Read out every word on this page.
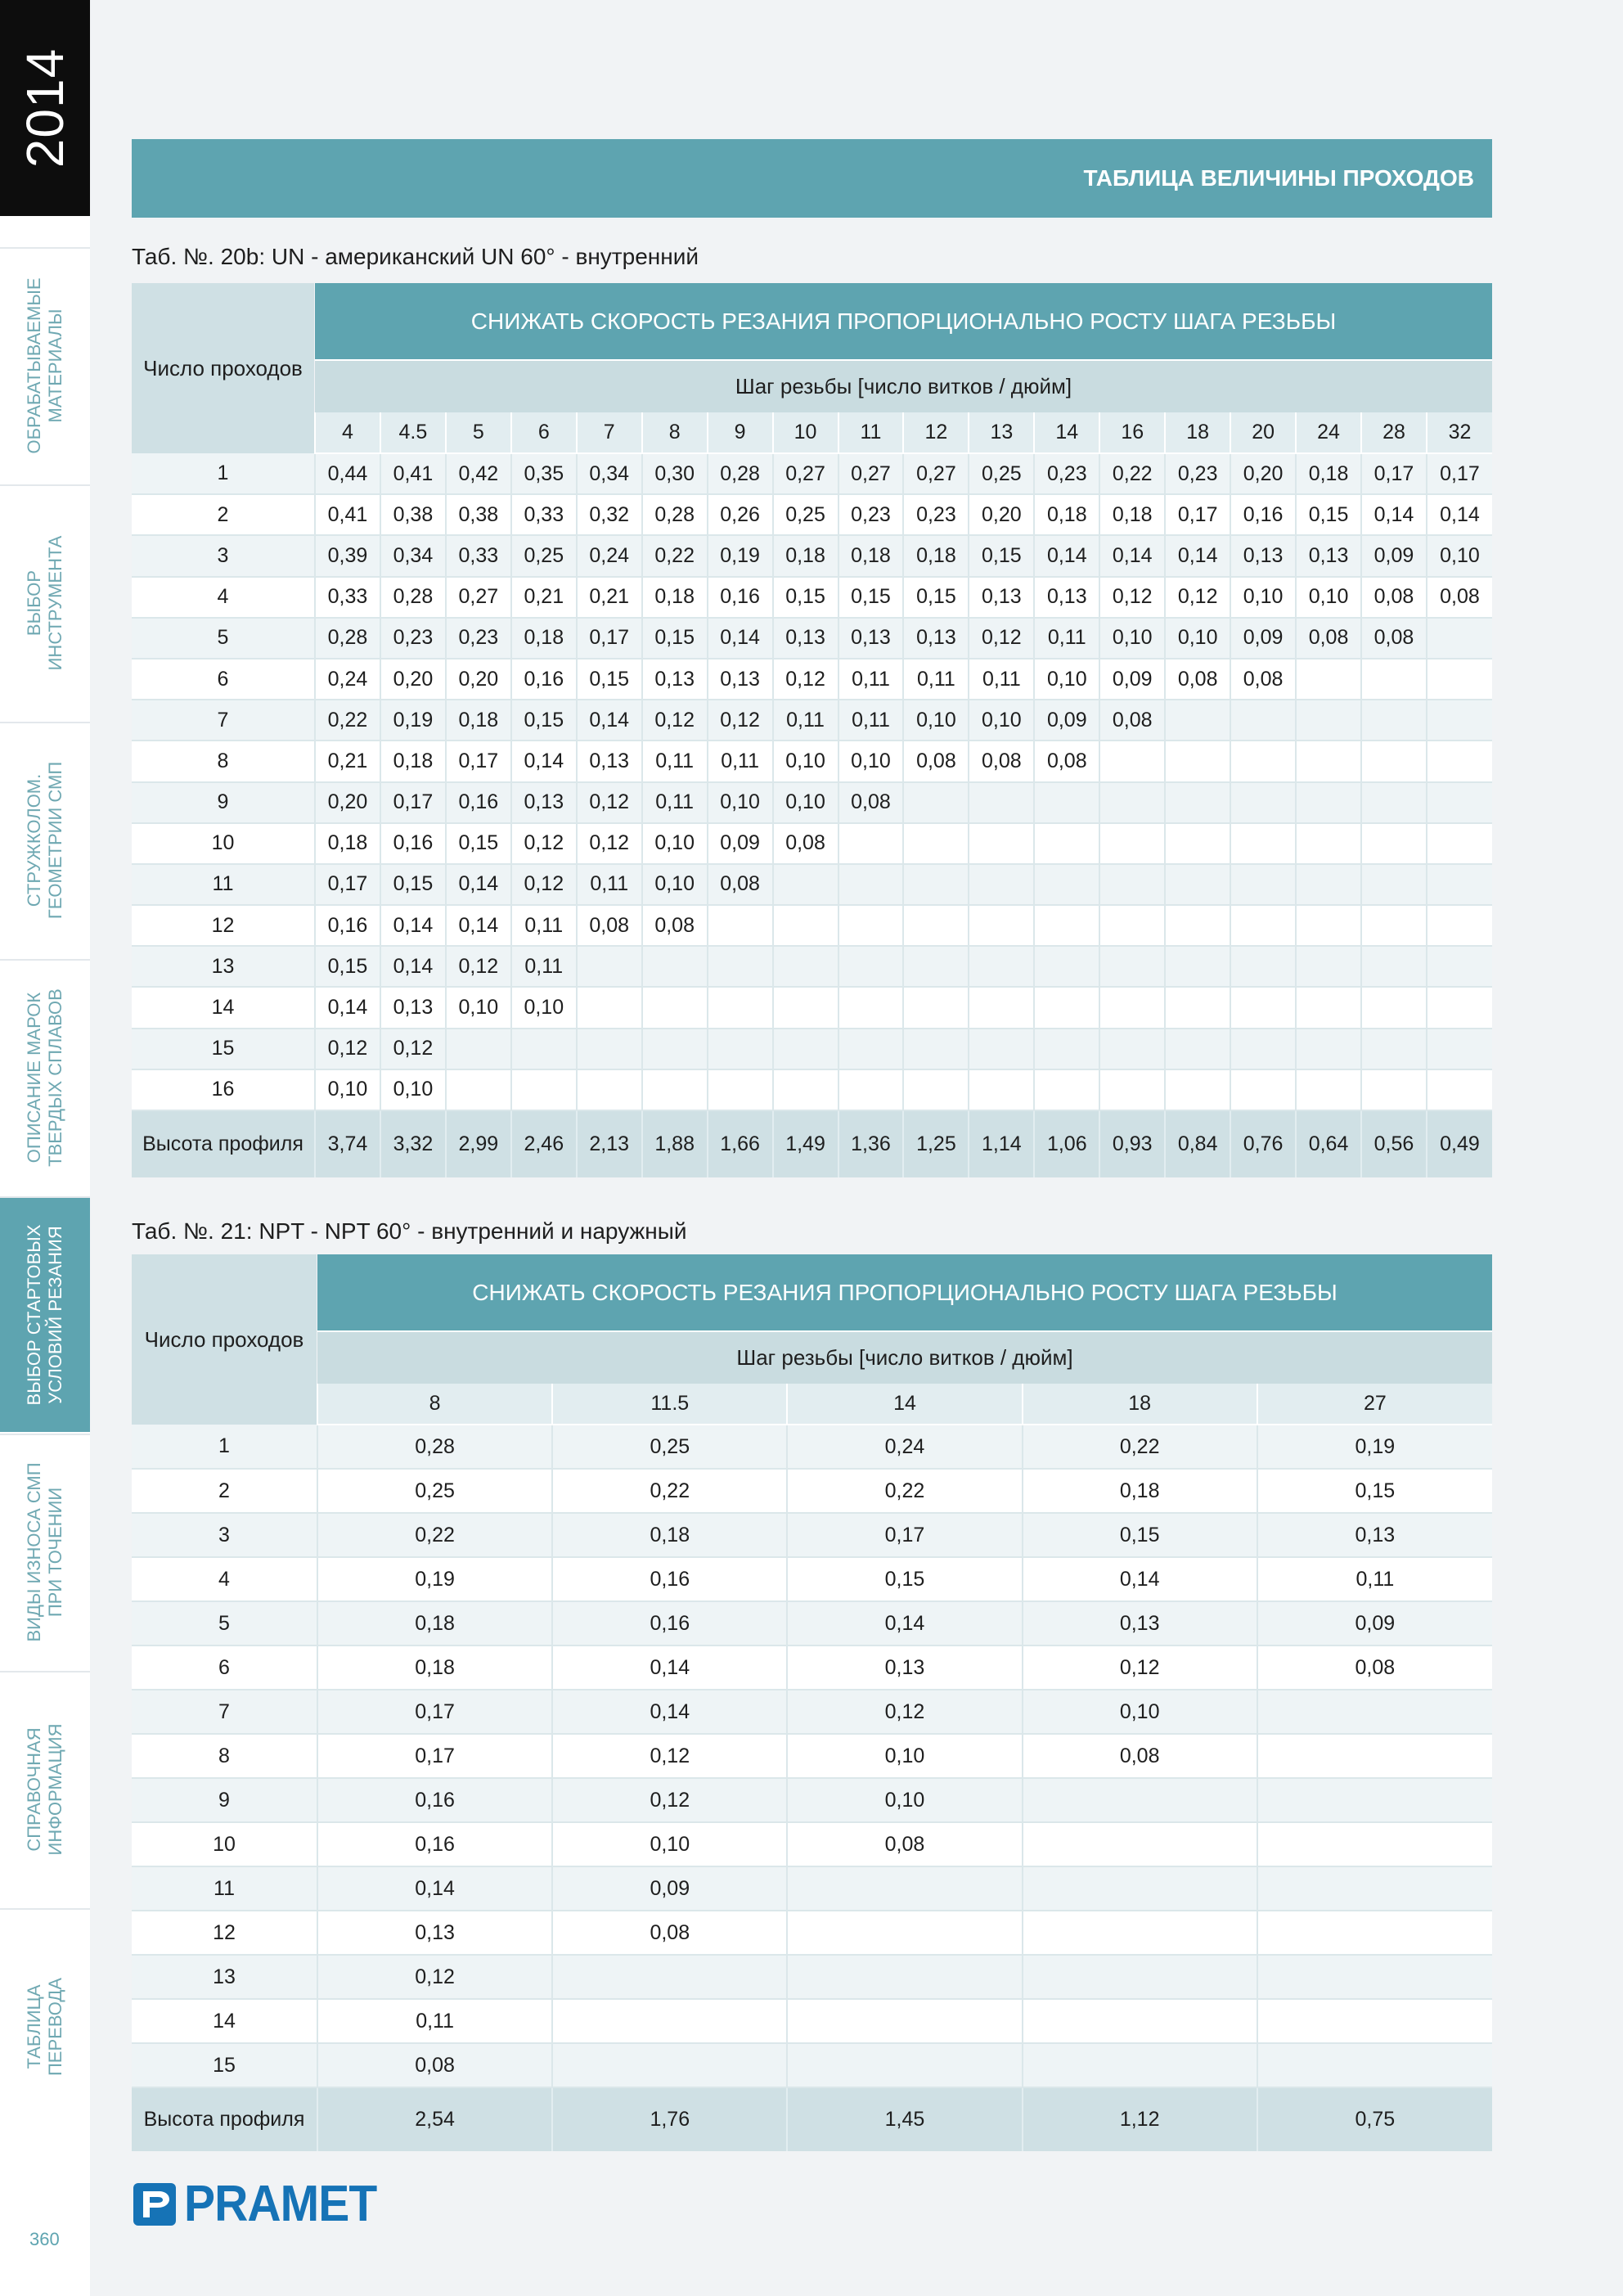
2014
ОБРАБАТЫВАЕМЫЕ
МАТЕРИАЛЫ
ВЫБОР
ИНСТРУМЕНТА
СТРУЖКОЛОМ.
ГЕОМЕТРИИ СМП
ОПИСАНИЕ МАРОК
ТВЕРДЫХ СПЛАВОВ
ВЫБОР СТАРТОВЫХ
УСЛОВИЙ РЕЗАНИЯ
ВИДЫ ИЗНОСА СМП
ПРИ ТОЧЕНИИ
СПРАВОЧНАЯ
ИНФОРМАЦИЯ
ТАБЛИЦА
ПЕРЕВОДА
360
ТАБЛИЦА ВЕЛИЧИНЫ ПРОХОДОВ
Таб. №. 20b: UN - американский UN 60° - внутренний
Число проходов	СНИЖАТЬ СКОРОСТЬ РЕЗАНИЯ ПРОПОРЦИОНАЛЬНО РОСТУ ШАГА РЕЗЬБЫ																	
	Шаг резьбы [число витков / дюйм]																	
	4	4.5	5	6	7	8	9	10	11	12	13	14	16	18	20	24	28	32
1	0,44	0,41	0,42	0,35	0,34	0,30	0,28	0,27	0,27	0,27	0,25	0,23	0,22	0,23	0,20	0,18	0,17	0,17
2	0,41	0,38	0,38	0,33	0,32	0,28	0,26	0,25	0,23	0,23	0,20	0,18	0,18	0,17	0,16	0,15	0,14	0,14
3	0,39	0,34	0,33	0,25	0,24	0,22	0,19	0,18	0,18	0,18	0,15	0,14	0,14	0,14	0,13	0,13	0,09	0,10
4	0,33	0,28	0,27	0,21	0,21	0,18	0,16	0,15	0,15	0,15	0,13	0,13	0,12	0,12	0,10	0,10	0,08	0,08
5	0,28	0,23	0,23	0,18	0,17	0,15	0,14	0,13	0,13	0,13	0,12	0,11	0,10	0,10	0,09	0,08	0,08	
6	0,24	0,20	0,20	0,16	0,15	0,13	0,13	0,12	0,11	0,11	0,11	0,10	0,09	0,08	0,08			
7	0,22	0,19	0,18	0,15	0,14	0,12	0,12	0,11	0,11	0,10	0,10	0,09	0,08					
8	0,21	0,18	0,17	0,14	0,13	0,11	0,11	0,10	0,10	0,08	0,08	0,08						
9	0,20	0,17	0,16	0,13	0,12	0,11	0,10	0,10	0,08									
10	0,18	0,16	0,15	0,12	0,12	0,10	0,09	0,08										
11	0,17	0,15	0,14	0,12	0,11	0,10	0,08											
12	0,16	0,14	0,14	0,11	0,08	0,08												
13	0,15	0,14	0,12	0,11														
14	0,14	0,13	0,10	0,10														
15	0,12	0,12																
16	0,10	0,10																
Высота профиля	3,74	3,32	2,99	2,46	2,13	1,88	1,66	1,49	1,36	1,25	1,14	1,06	0,93	0,84	0,76	0,64	0,56	0,49
Таб. №. 21: NPT - NPT 60° - внутренний и наружный
Число проходов	СНИЖАТЬ СКОРОСТЬ РЕЗАНИЯ ПРОПОРЦИОНАЛЬНО РОСТУ ШАГА РЕЗЬБЫ				
	Шаг резьбы [число витков / дюйм]				
	8	11.5	14	18	27
1	0,28	0,25	0,24	0,22	0,19
2	0,25	0,22	0,22	0,18	0,15
3	0,22	0,18	0,17	0,15	0,13
4	0,19	0,16	0,15	0,14	0,11
5	0,18	0,16	0,14	0,13	0,09
6	0,18	0,14	0,13	0,12	0,08
7	0,17	0,14	0,12	0,10	
8	0,17	0,12	0,10	0,08	
9	0,16	0,12	0,10		
10	0,16	0,10	0,08		
11	0,14	0,09			
12	0,13	0,08			
13	0,12				
14	0,11				
15	0,08				
Высота профиля	2,54	1,76	1,45	1,12	0,75
PRAMET
